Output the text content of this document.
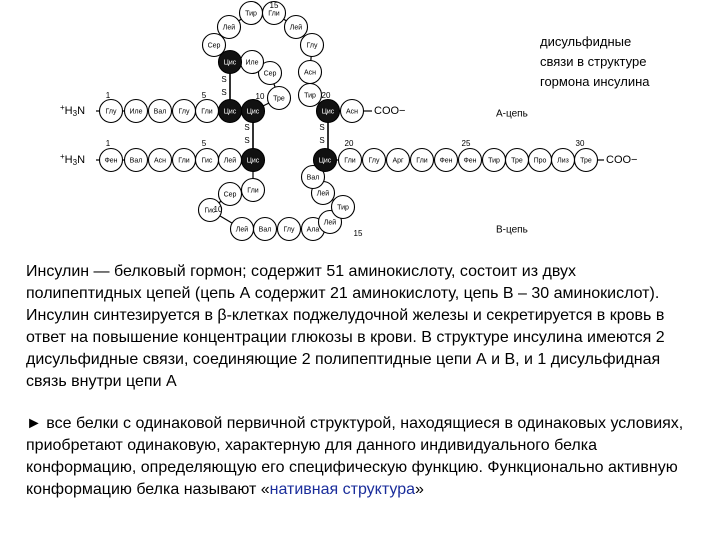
S
S
S
S
S
S
Глу Иле Вал Глу Гли Цис Цис
Тре
Сер
Иле
Цис
Сер
Лей
Тир Гли
Лей
Глу
Асн
Тир
Цис Асн
Фен Вал Асн Гли Гис Лей Цис
Гли
Сер
Гис
Лей Вал Глу Ала
Лей
Тир
Лей
Вал
Цис Гли Глу Арг Гли Фен Фен Тир Тре Про Лиз Тре
$^+H_3N$
$^+H_3N$
COO−
COO−
А-цепь
В-цепь
1	5	10
15
20
1	5
10
15
20	25	30
дисульфидные
связи в структуре
гормона инсулина
Инсулин — белковый гормон; содержит 51 аминокислоту, состоит из двух полипептидных цепей (цепь А содержит 21 аминокислоту, цепь В – 30 аминокислот). Инсулин синтезируется в β-клетках поджелудочной железы и секретируется в кровь в ответ на повышение концентрации глюкозы в крови. В структуре инсулина имеются 2 дисульфидные связи, соединяющие 2 полипептидные цепи А и В, и 1 дисульфидная связь внутри цепи А
► все белки с одинаковой первичной структурой, находящиеся в одинаковых условиях, приобретают одинаковую, характерную для данного индивидуального белка конформацию, определяющую его специфическую функцию. Функционально активную конформацию белка называют «нативная структура»
